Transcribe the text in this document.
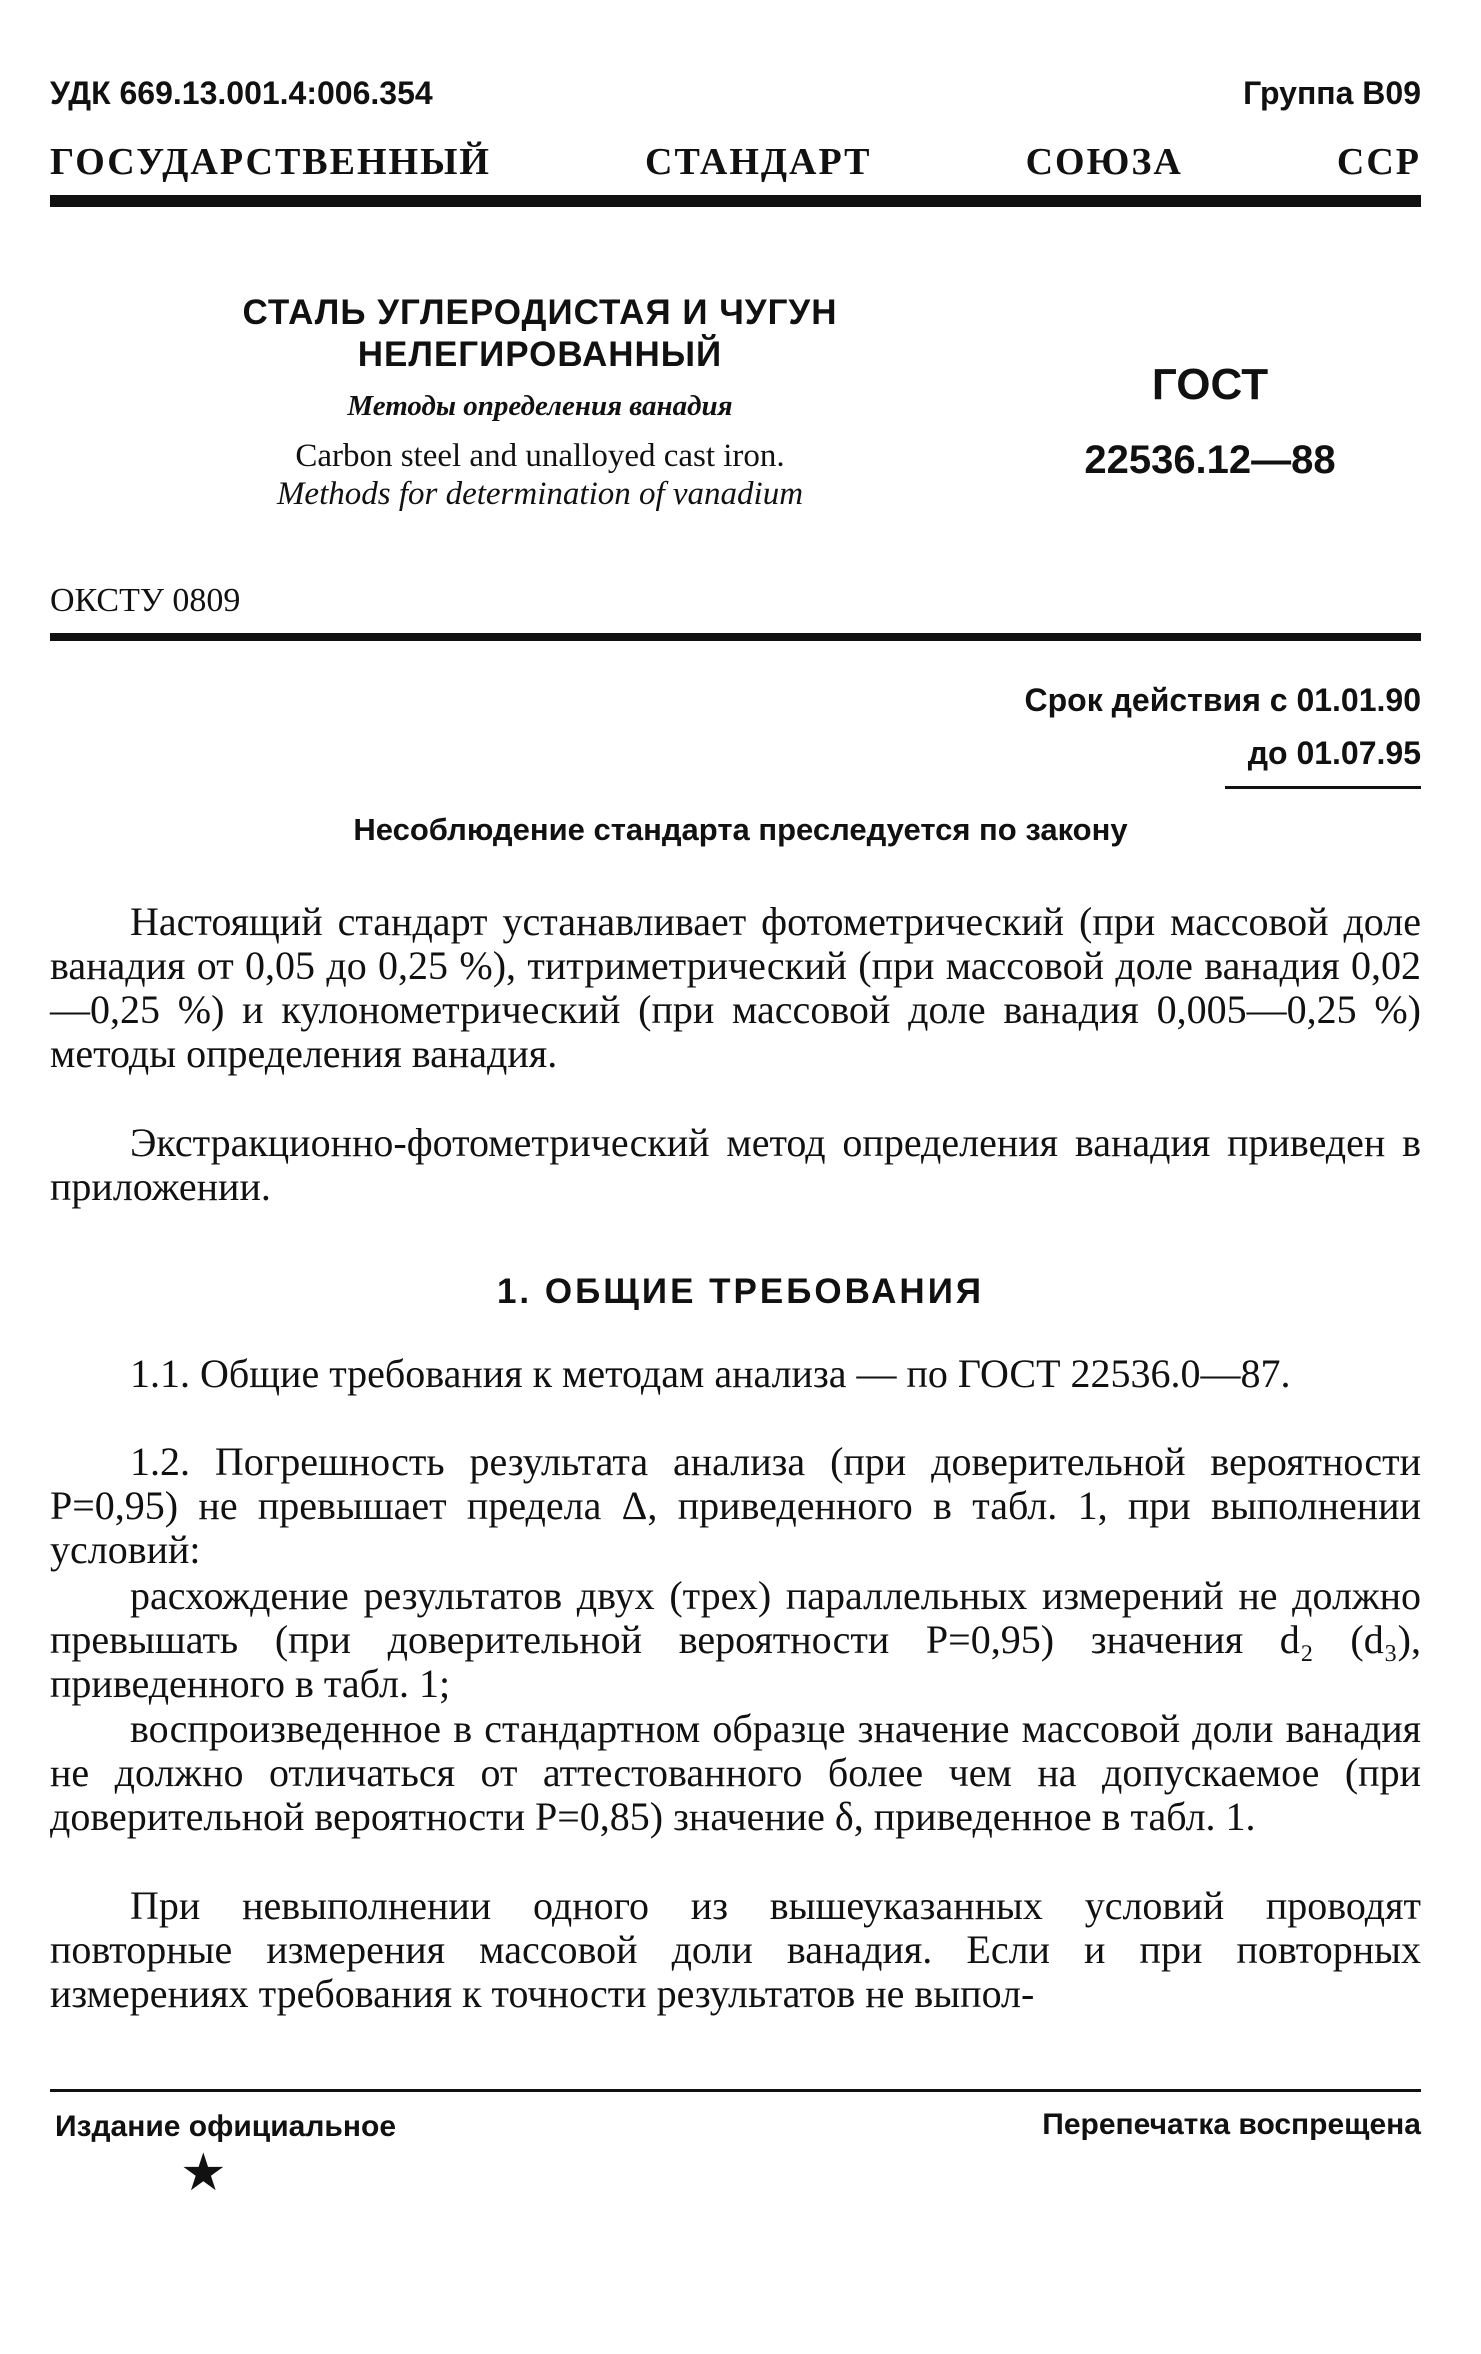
УДК 669.13.001.4:006.354	Группа В09
ГОСУДАРСТВЕННЫЙ СТАНДАРТ СОЮЗА ССР
СТАЛЬ УГЛЕРОДИСТАЯ И ЧУГУН
НЕЛЕГИРОВАННЫЙ
Методы определения ванадия
Carbon steel and unalloyed cast iron.
Methods for determination of vanadium
ГОСТ
22536.12—88
ОКСТУ 0809
Срок действия с 01.01.90
до 01.07.95
Несоблюдение стандарта преследуется по закону
Настоящий стандарт устанавливает фотометрический (при массовой доле ванадия от 0,05 до 0,25 %), титриметрический (при массовой доле ванадия 0,02—0,25 %) и кулонометрический (при массовой доле ванадия 0,005—0,25 %) методы определения ванадия.
Экстракционно-фотометрический метод определения ванадия приведен в приложении.
1. ОБЩИЕ ТРЕБОВАНИЯ
1.1. Общие требования к методам анализа — по ГОСТ 22536.0—87.
1.2. Погрешность результата анализа (при доверительной вероятности P=0,95) не превышает предела Δ, приведенного в табл. 1, при выполнении условий:
расхождение результатов двух (трех) параллельных измерений не должно превышать (при доверительной вероятности P=0,95) значения d₂ (d₃), приведенного в табл. 1;
воспроизведенное в стандартном образце значение массовой доли ванадия не должно отличаться от аттестованного более чем на допускаемое (при доверительной вероятности P=0,85) значение δ, приведенное в табл. 1.
При невыполнении одного из вышеуказанных условий проводят повторные измерения массовой доли ванадия. Если и при повторных измерениях требования к точности результатов не выпол-
Издание официальное	Перепечатка воспрещена
★
